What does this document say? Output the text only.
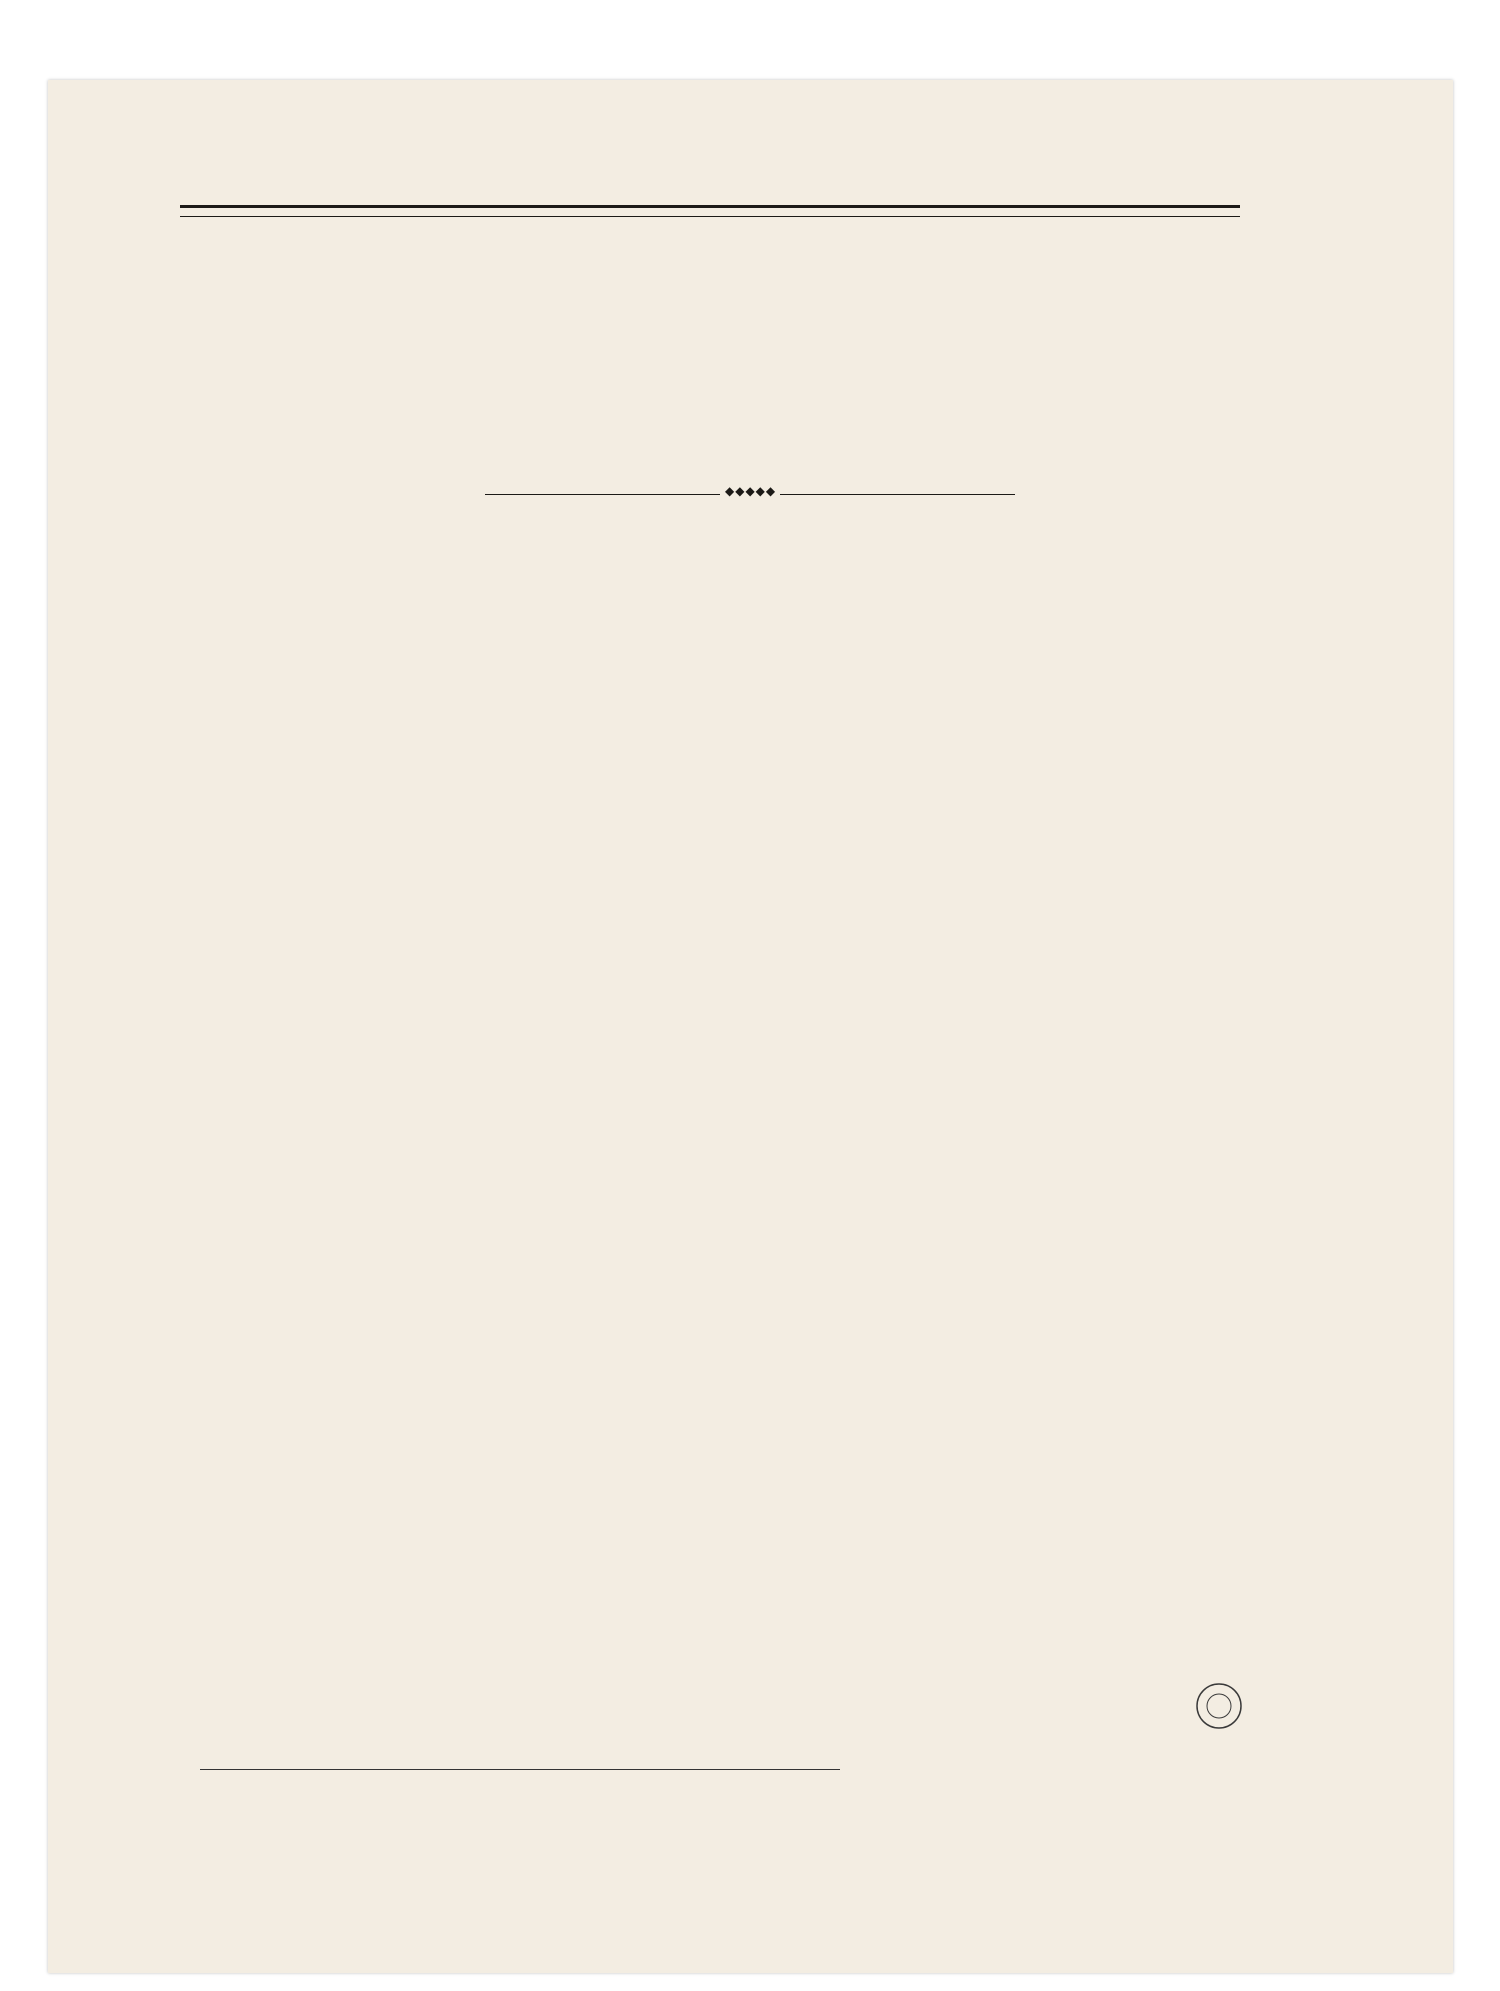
◆◆◆◆◆
